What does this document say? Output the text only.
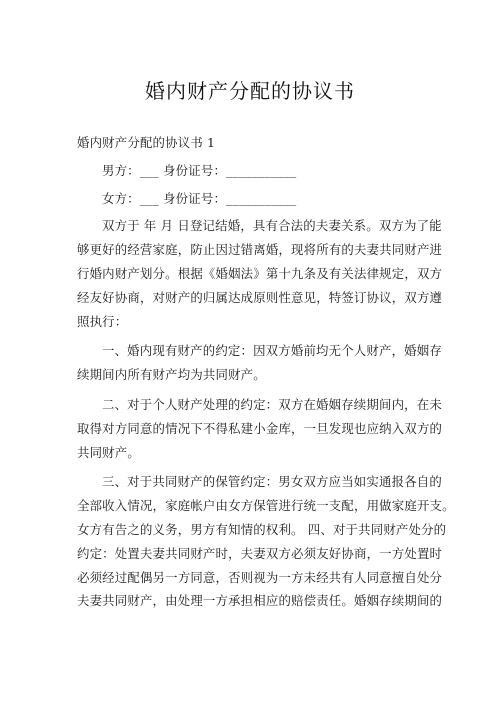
婚内财产分配的协议书
婚内财产分配的协议书 1
男方：___ 身份证号：___________
女方：___ 身份证号：___________
双方于 年 月 日登记结婚，具有合法的夫妻关系。双方为了能
够更好的经营家庭，防止因过错离婚，现将所有的夫妻共同财产进
行婚内财产划分。根据《婚姻法》第十九条及有关法律规定，双方
经友好协商，对财产的归属达成原则性意见，特签订协议，双方遵
照执行：
一、婚内现有财产的约定：因双方婚前均无个人财产，婚姻存
续期间内所有财产均为共同财产。
二、对于个人财产处理的约定：双方在婚姻存续期间内，在未
取得对方同意的情况下不得私建小金库，一旦发现也应纳入双方的
共同财产。
三、对于共同财产的保管约定：男女双方应当如实通报各自的
全部收入情况，家庭帐户由女方保管进行统一支配，用做家庭开支。
女方有告之的义务，男方有知情的权利。 四、对于共同财产处分的
约定：处置夫妻共同财产时，夫妻双方必须友好协商，一方处置时
必须经过配偶另一方同意，否则视为一方未经共有人同意擅自处分
夫妻共同财产，由处理一方承担相应的赔偿责任。婚姻存续期间的
